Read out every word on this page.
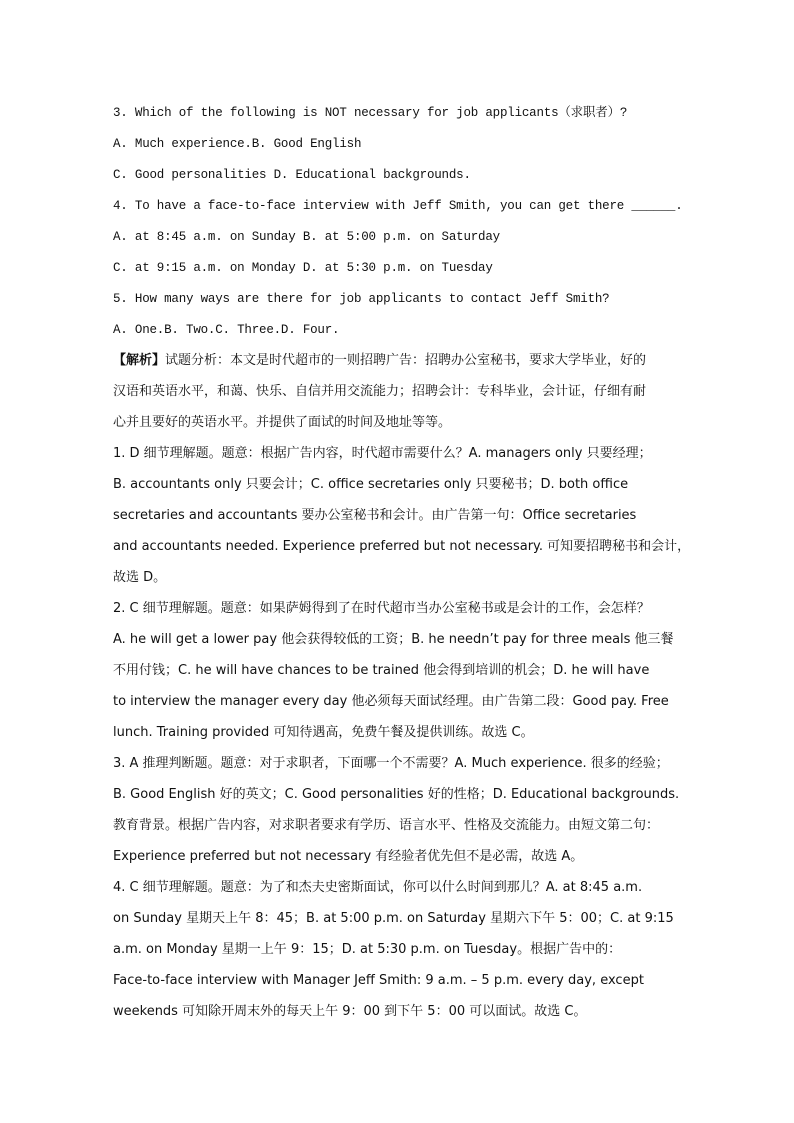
3. Which of the following is NOT necessary for job applicants（求职者）?
A. Much experience.B. Good English
C. Good personalities D. Educational backgrounds.
4. To have a face-to-face interview with Jeff Smith, you can get there ______.
A. at 8:45 a.m. on Sunday B. at 5:00 p.m. on Saturday
C. at 9:15 a.m. on Monday D. at 5:30 p.m. on Tuesday
5. How many ways are there for job applicants to contact Jeff Smith?
A. One.B. Two.C. Three.D. Four.
【解析】试题分析：本文是时代超市的一则招聘广告：招聘办公室秘书，要求大学毕业，好的
汉语和英语水平，和蔼、快乐、自信并用交流能力；招聘会计：专科毕业，会计证，仔细有耐
心并且要好的英语水平。并提供了面试的时间及地址等等。
1. D 细节理解题。题意：根据广告内容，时代超市需要什么？A. managers only 只要经理；
B. accountants only 只要会计；C. office secretaries only 只要秘书；D. both office
secretaries and accountants 要办公室秘书和会计。由广告第一句：Office secretaries
and accountants needed. Experience preferred but not necessary. 可知要招聘秘书和会计，
故选 D。
2. C 细节理解题。题意：如果萨姆得到了在时代超市当办公室秘书或是会计的工作，会怎样？
A. he will get a lower pay 他会获得较低的工资；B. he needn’t pay for three meals 他三餐
不用付钱；C. he will have chances to be trained 他会得到培训的机会；D. he will have
to interview the manager every day 他必须每天面试经理。由广告第二段：Good pay. Free
lunch. Training provided 可知待遇高，免费午餐及提供训练。故选 C。
3. A 推理判断题。题意：对于求职者，下面哪一个不需要？A. Much experience. 很多的经验；
B. Good English 好的英文；C. Good personalities 好的性格；D. Educational backgrounds.
教育背景。根据广告内容，对求职者要求有学历、语言水平、性格及交流能力。由短文第二句：
Experience preferred but not necessary 有经验者优先但不是必需，故选 A。
4. C 细节理解题。题意：为了和杰夫史密斯面试，你可以什么时间到那儿？A. at 8:45 a.m.
on Sunday 星期天上午 8：45；B. at 5:00 p.m. on Saturday 星期六下午 5：00；C. at 9:15
a.m. on Monday 星期一上午 9：15；D. at 5:30 p.m. on Tuesday。根据广告中的：
Face-to-face interview with Manager Jeff Smith: 9 a.m. – 5 p.m. every day, except
weekends 可知除开周末外的每天上午 9：00 到下午 5：00 可以面试。故选 C。
